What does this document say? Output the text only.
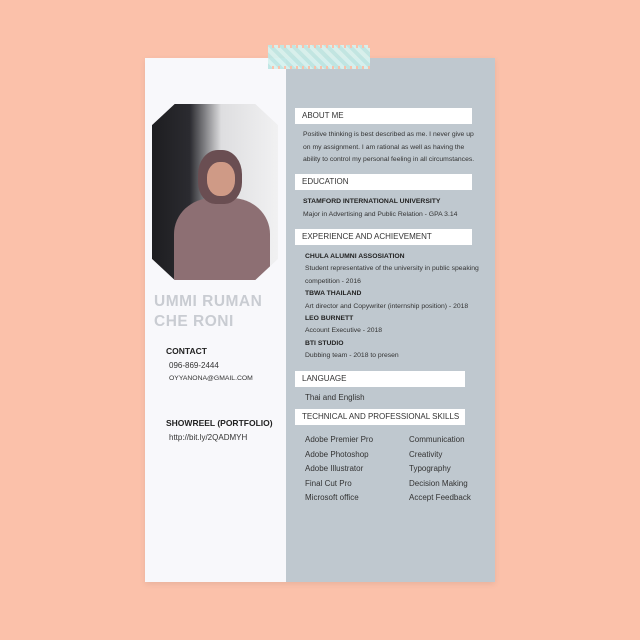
UMMI RUMAN
CHE RONI
CONTACT
096-869-2444
OYYANONA@GMAIL.COM
SHOWREEL (PORTFOLIO)
http://bit.ly/2QADMYH
ABOUT ME
Positive thinking is best described as me. I never give up
on my assignment. I am rational as well as having the
ability to control my personal feeling in all circumstances.
EDUCATION
STAMFORD INTERNATIONAL UNIVERSITY
Major in Advertising and Public Relation - GPA 3.14
EXPERIENCE AND ACHIEVEMENT
CHULA ALUMNI ASSOSIATION
Student representative of the university in public speaking
competition - 2016
TBWA THAILAND
Art director and Copywriter (internship position) - 2018
LEO BURNETT
Account Executive - 2018
BTI STUDIO
Dubbing team - 2018 to presen
LANGUAGE
Thai and English
TECHNICAL AND PROFESSIONAL SKILLS
Adobe Premier Pro
Adobe Photoshop
Adobe Illustrator
Final Cut Pro
Microsoft office
Communication
Creativity
Typography
Decision Making
Accept Feedback
